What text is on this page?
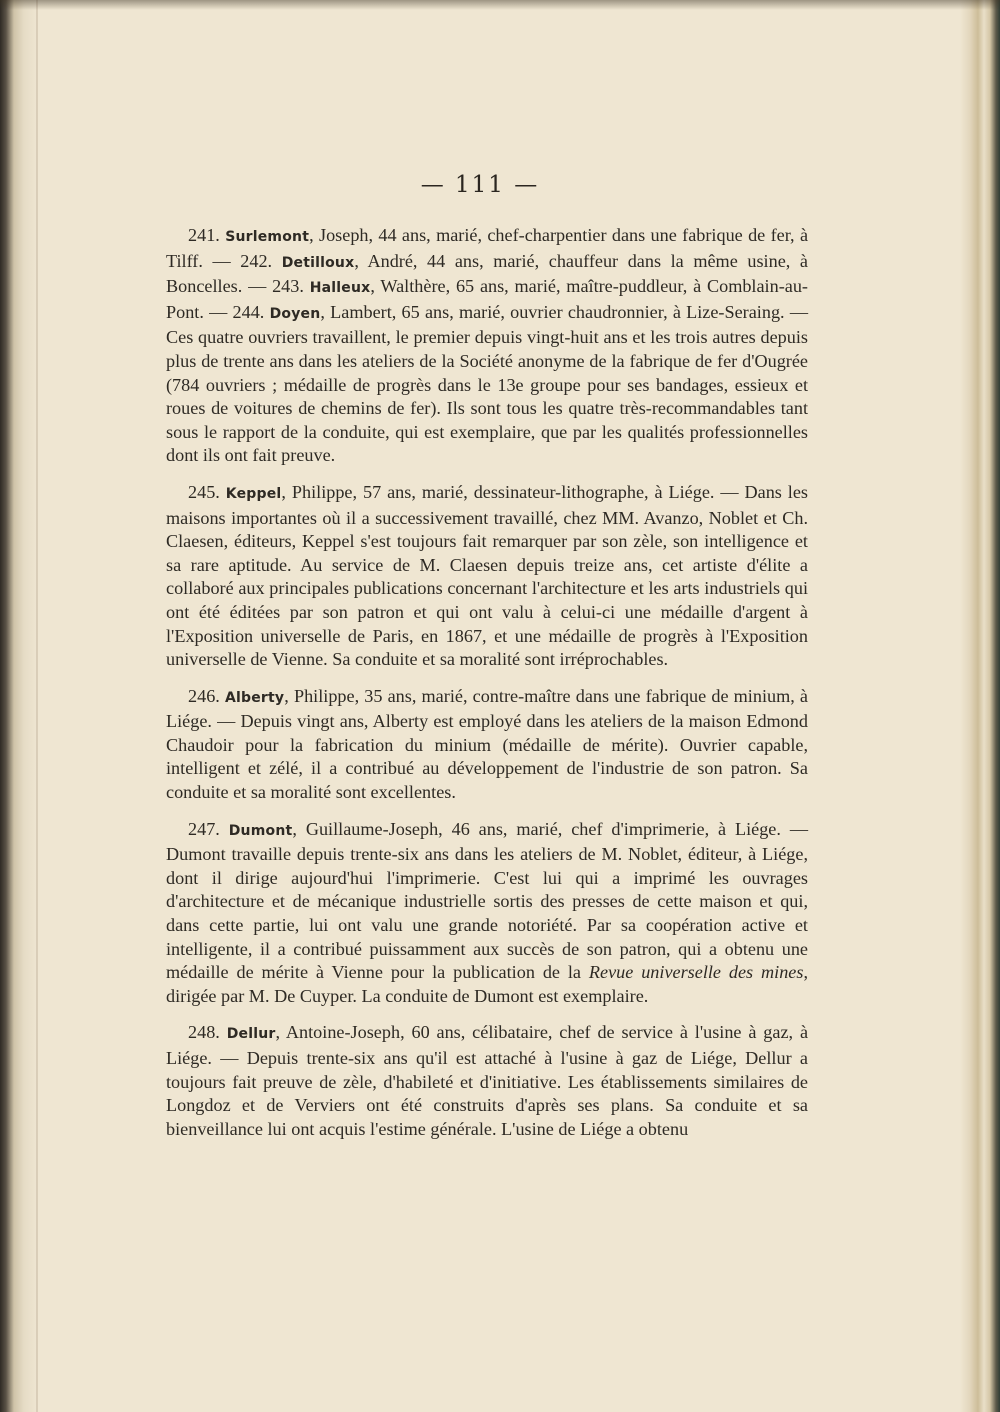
— 111 —

241. Surlemont, Joseph, 44 ans, marié, chef-charpentier dans une fabrique de fer, à Tilff. — 242. Detilloux, André, 44 ans, marié, chauffeur dans la même usine, à Boncelles. — 243. Halleux, Walthère, 65 ans, marié, maître-puddleur, à Comblain-au-Pont. — 244. Doyen, Lambert, 65 ans, marié, ouvrier chaudronnier, à Lize-Seraing. — Ces quatre ouvriers travaillent, le premier depuis vingt-huit ans et les trois autres depuis plus de trente ans dans les ateliers de la Société anonyme de la fabrique de fer d'Ougrée (784 ouvriers ; médaille de progrès dans le 13e groupe pour ses bandages, essieux et roues de voitures de chemins de fer). Ils sont tous les quatre très-recommandables tant sous le rapport de la conduite, qui est exemplaire, que par les qualités professionnelles dont ils ont fait preuve.

245. Keppel, Philippe, 57 ans, marié, dessinateur-lithographe, à Liége. — Dans les maisons importantes où il a successivement travaillé, chez MM. Avanzo, Noblet et Ch. Claesen, éditeurs, Keppel s'est toujours fait remarquer par son zèle, son intelligence et sa rare aptitude. Au service de M. Claesen depuis treize ans, cet artiste d'élite a collaboré aux principales publications concernant l'architecture et les arts industriels qui ont été éditées par son patron et qui ont valu à celui-ci une médaille d'argent à l'Exposition universelle de Paris, en 1867, et une médaille de progrès à l'Exposition universelle de Vienne. Sa conduite et sa moralité sont irréprochables.

246. Alberty, Philippe, 35 ans, marié, contre-maître dans une fabrique de minium, à Liége. — Depuis vingt ans, Alberty est employé dans les ateliers de la maison Edmond Chaudoir pour la fabrication du minium (médaille de mérite). Ouvrier capable, intelligent et zélé, il a contribué au développement de l'industrie de son patron. Sa conduite et sa moralité sont excellentes.

247. Dumont, Guillaume-Joseph, 46 ans, marié, chef d'imprimerie, à Liége. — Dumont travaille depuis trente-six ans dans les ateliers de M. Noblet, éditeur, à Liége, dont il dirige aujourd'hui l'imprimerie. C'est lui qui a imprimé les ouvrages d'architecture et de mécanique industrielle sortis des presses de cette maison et qui, dans cette partie, lui ont valu une grande notoriété. Par sa coopération active et intelligente, il a contribué puissamment aux succès de son patron, qui a obtenu une médaille de mérite à Vienne pour la publication de la Revue universelle des mines, dirigée par M. De Cuyper. La conduite de Dumont est exemplaire.

248. Dellur, Antoine-Joseph, 60 ans, célibataire, chef de service à l'usine à gaz, à Liége. — Depuis trente-six ans qu'il est attaché à l'usine à gaz de Liége, Dellur a toujours fait preuve de zèle, d'habileté et d'initiative. Les établissements similaires de Longdoz et de Verviers ont été construits d'après ses plans. Sa conduite et sa bienveillance lui ont acquis l'estime générale. L'usine de Liége a obtenu
